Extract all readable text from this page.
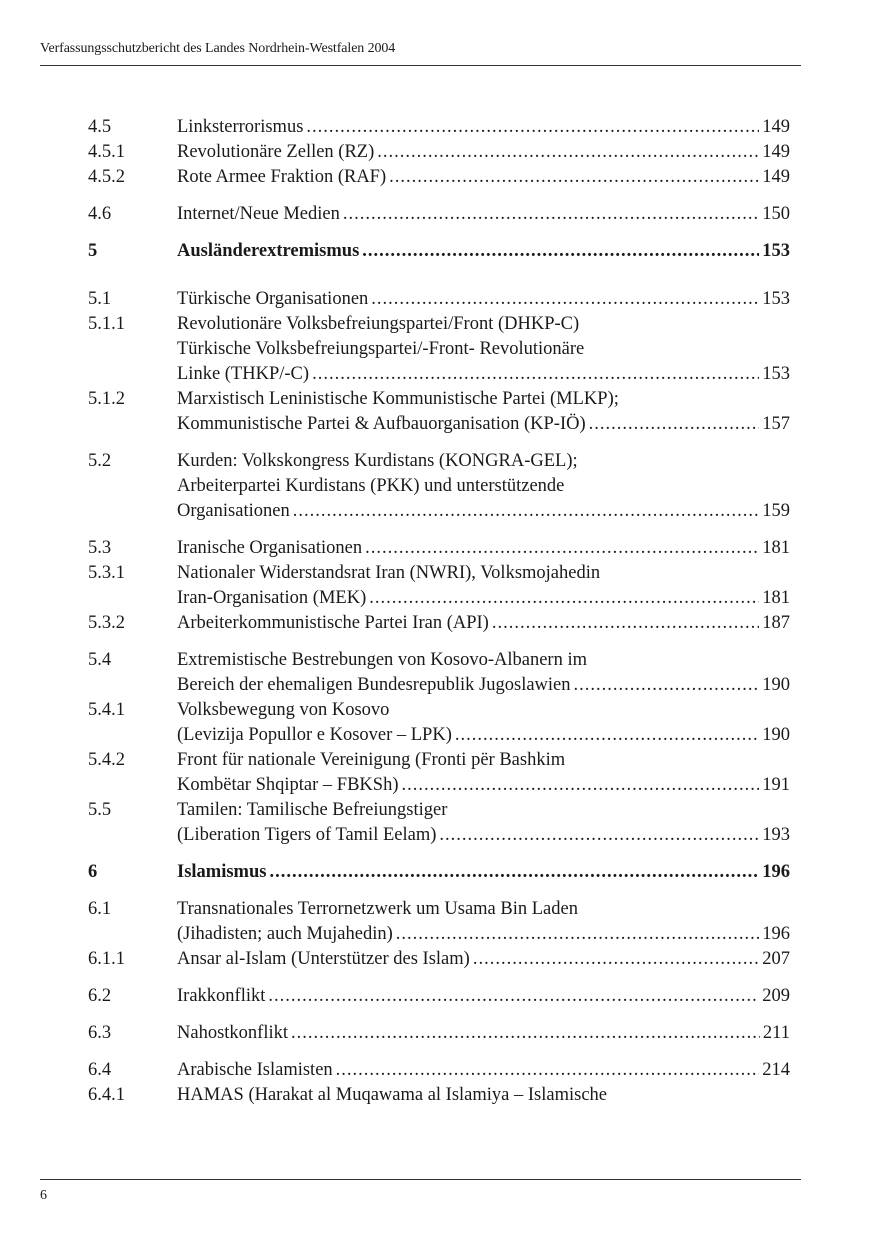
Verfassungsschutzbericht des Landes Nordrhein-Westfalen 2004
4.5	Linksterrorismus .....	149
4.5.1	Revolutionäre Zellen (RZ) .....	149
4.5.2	Rote Armee Fraktion (RAF) .....	149
4.6	Internet/Neue Medien .....	150
5	Ausländerextremismus .....	153
5.1	Türkische Organisationen .....	153
5.1.1	Revolutionäre Volksbefreiungspartei/Front (DHKP-C)
Türkische Volksbefreiungspartei/-Front- Revolutionäre
Linke (THKP/-C) .....	153
5.1.2	Marxistisch Leninistische Kommunistische Partei (MLKP);
Kommunistische Partei & Aufbauorganisation (KP-IÖ) .....	157
5.2	Kurden: Volkskongress Kurdistans (KONGRA-GEL);
Arbeiterpartei Kurdistans (PKK) und unterstützende
Organisationen .....	159
5.3	Iranische Organisationen .....	181
5.3.1	Nationaler Widerstandsrat Iran (NWRI), Volksmojahedin
Iran-Organisation (MEK) .....	181
5.3.2	Arbeiterkommunistische Partei Iran (API) .....	187
5.4	Extremistische Bestrebungen von Kosovo-Albanern im
Bereich der ehemaligen Bundesrepublik Jugoslawien .....	190
5.4.1	Volksbewegung von Kosovo
(Levizija Popullor e Kosover – LPK) .....	190
5.4.2	Front für nationale Vereinigung (Fronti për Bashkim
Kombëtar Shqiptar – FBKSh) .....	191
5.5	Tamilen: Tamilische Befreiungstiger
(Liberation Tigers of Tamil Eelam) .....	193
6	Islamismus .....	196
6.1	Transnationales Terrornetzwerk um Usama Bin Laden
(Jihadisten; auch Mujahedin) .....	196
6.1.1	Ansar al-Islam (Unterstützer des Islam) .....	207
6.2	Irakkonflikt .....	209
6.3	Nahostkonflikt .....	211
6.4	Arabische Islamisten .....	214
6.4.1	HAMAS (Harakat al Muqawama al Islamiya – Islamische
6
